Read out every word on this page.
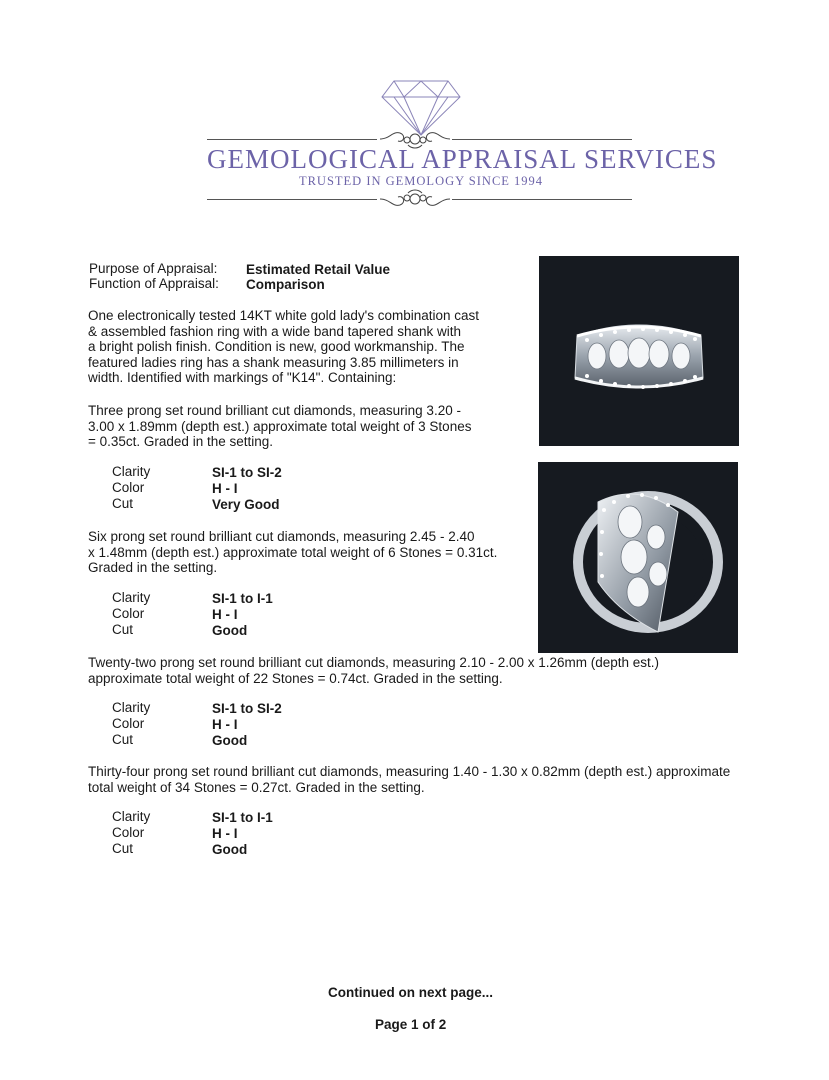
GEMOLOGICAL APPRAISAL SERVICES
TRUSTED IN GEMOLOGY SINCE 1994
Purpose of Appraisal: Estimated Retail Value
Function of Appraisal: Comparison
One electronically tested 14KT white gold lady's combination cast
& assembled fashion ring with a wide band tapered shank with
a bright polish finish. Condition is new, good workmanship. The
featured ladies ring has a shank measuring 3.85 millimeters in
width. Identified with markings of "K14". Containing:
Three prong set round brilliant cut diamonds, measuring 3.20 -
3.00 x 1.89mm (depth est.) approximate total weight of 3 Stones
= 0.35ct. Graded in the setting.
Clarity	SI-1 to SI-2
Color	H - I
Cut	Very Good
Six prong set round brilliant cut diamonds, measuring 2.45 - 2.40
x 1.48mm (depth est.) approximate total weight of 6 Stones = 0.31ct.
Graded in the setting.
Clarity	SI-1 to I-1
Color	H - I
Cut	Good
Twenty-two prong set round brilliant cut diamonds, measuring 2.10 - 2.00 x 1.26mm (depth est.)
approximate total weight of 22 Stones = 0.74ct. Graded in the setting.
Clarity	SI-1 to SI-2
Color	H - I
Cut	Good
Thirty-four prong set round brilliant cut diamonds, measuring 1.40 - 1.30 x 0.82mm (depth est.) approximate
total weight of 34 Stones = 0.27ct. Graded in the setting.
Clarity	SI-1 to I-1
Color	H - I
Cut	Good
Continued on next page...
Page 1 of 2
